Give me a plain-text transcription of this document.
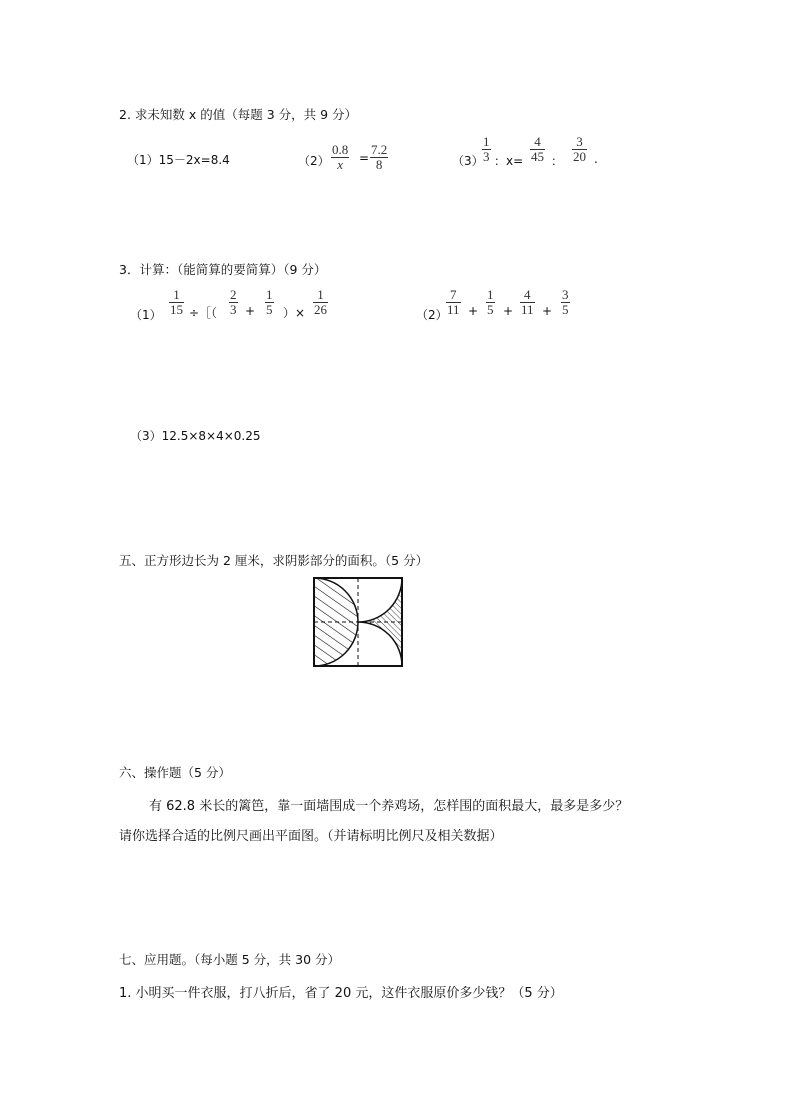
2. 求未知数 x 的值（每题 3 分，共 9 分）
（1）15－2x=8.4	$(2) \frac{0.8}{x} = \frac{7.2}{8}$	（3）
$\frac{1}{3}$ ：$x= \frac{4}{45}$ ： $\frac{3}{20}$ .
3．计算：（能简算的要简算）（9 分）
$(1) \frac{1}{15}$ ÷［（ $\frac{2}{3} + \frac{1}{5}$ ）× $\frac{1}{26}$	（2）
$\frac{7}{11} + \frac{1}{5} + \frac{4}{11} + \frac{3}{5}$
（3）12.5×8×4×0.25
五、正方形边长为 2 厘米，求阴影部分的面积。（5 分）
六、操作题（5 分）
有 62.8 米长的篱笆，靠一面墙围成一个养鸡场，怎样围的面积最大，最多是多少？
请你选择合适的比例尺画出平面图。（并请标明比例尺及相关数据）
七、应用题。（每小题 5 分，共 30 分）
1. 小明买一件衣服，打八折后，省了 20 元，这件衣服原价多少钱？（5 分）
